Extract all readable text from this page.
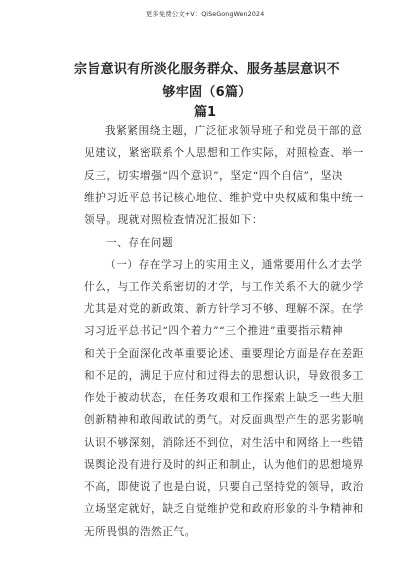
更多免费公文+V：QiSeGongWen2024
宗旨意识有所淡化服务群众、服务基层意识不够牢固（6篇）
篇1
我紧紧围绕主题，广泛征求领导班子和党员干部的意
见建议，紧密联系个人思想和工作实际，对照检查、举一
反三，切实增强“四个意识”，坚定“四个自信”，坚决
维护习近平总书记核心地位、维护党中央权威和集中统一
领导。现就对照检查情况汇报如下：
一、存在问题
（一）存在学习上的实用主义，通常要用什么才去学
什么，与工作关系密切的才学，与工作关系不大的就少学
尤其是对党的新政策、新方针学习不够、理解不深。在学
习习近平总书记“四个着力”“三个推进”重要指示精神
和关于全面深化改革重要论述、重要理论方面是存在差距
和不足的，满足于应付和过得去的思想认识，导致很多工
作处于被动状态，在任务攻艰和工作探索上缺乏一些大胆
创新精神和敢闯敢试的勇气。对反面典型产生的恶劣影响
认识不够深刻，消除还不到位，对生活中和网络上一些错
误舆论没有进行及时的纠正和制止，认为他们的思想境界
不高，即使说了也是白说，只要自己坚持党的领导，政治
立场坚定就好，缺乏自觉维护党和政府形象的斗争精神和
无所畏惧的浩然正气。
